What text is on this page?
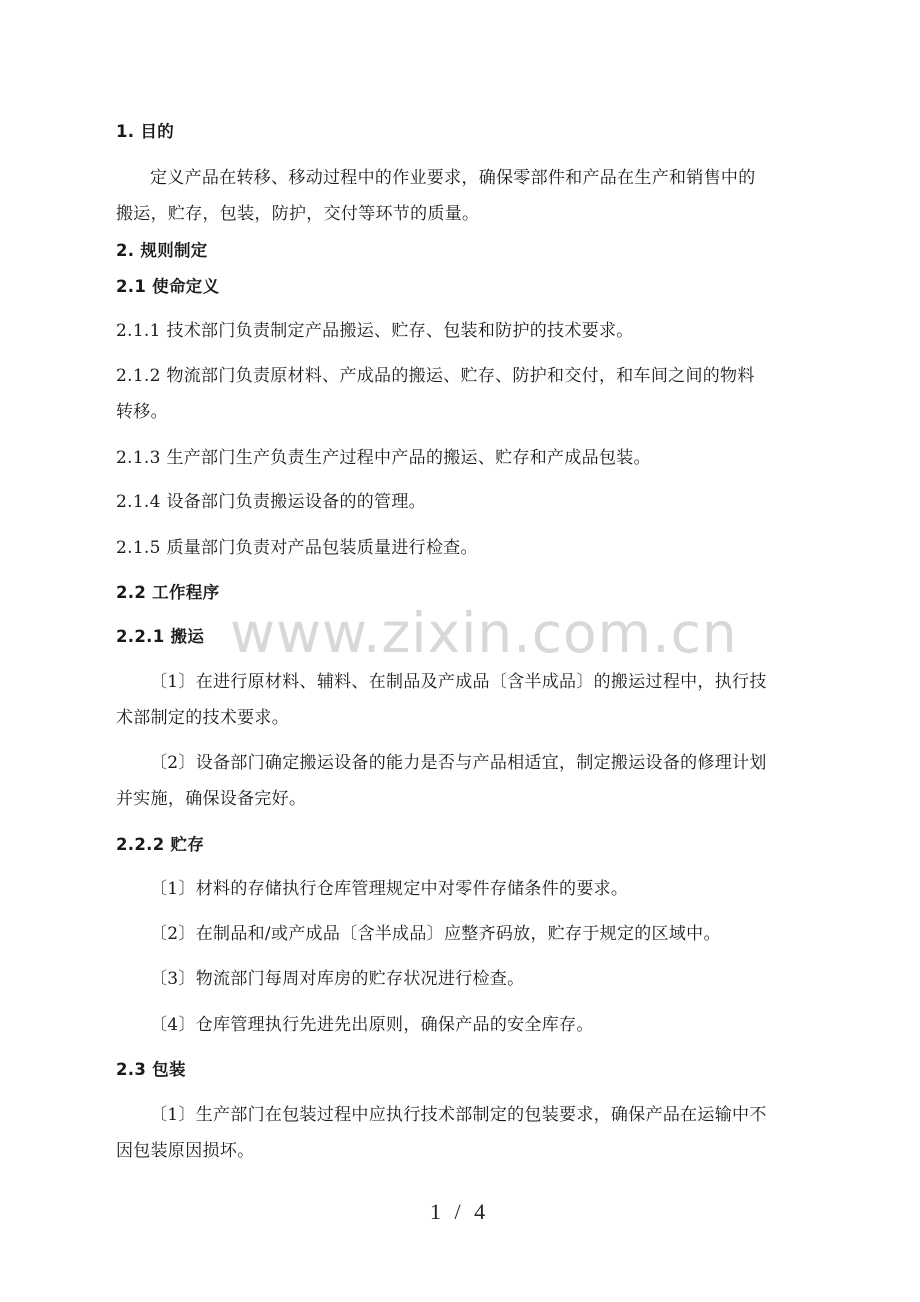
www.zixin.com.cn
1. 目的
定义产品在转移、移动过程中的作业要求，确保零部件和产品在生产和销售中的
搬运，贮存，包装，防护，交付等环节的质量。
2. 规则制定
2.1 使命定义
2.1.1 技术部门负责制定产品搬运、贮存、包装和防护的技术要求。
2.1.2 物流部门负责原材料、产成品的搬运、贮存、防护和交付，和车间之间的物料
转移。
2.1.3 生产部门生产负责生产过程中产品的搬运、贮存和产成品包装。
2.1.4 设备部门负责搬运设备的的管理。
2.1.5 质量部门负责对产品包装质量进行检查。
2.2 工作程序
2.2.1 搬运
〔1〕在进行原材料、辅料、在制品及产成品〔含半成品〕的搬运过程中，执行技
术部制定的技术要求。
〔2〕设备部门确定搬运设备的能力是否与产品相适宜，制定搬运设备的修理计划
并实施，确保设备完好。
2.2.2 贮存
〔1〕材料的存储执行仓库管理规定中对零件存储条件的要求。
〔2〕在制品和/或产成品〔含半成品〕应整齐码放，贮存于规定的区域中。
〔3〕物流部门每周对库房的贮存状况进行检查。
〔4〕仓库管理执行先进先出原则，确保产品的安全库存。
2.3 包装
〔1〕生产部门在包装过程中应执行技术部制定的包装要求，确保产品在运输中不
因包装原因损坏。
1 / 4
